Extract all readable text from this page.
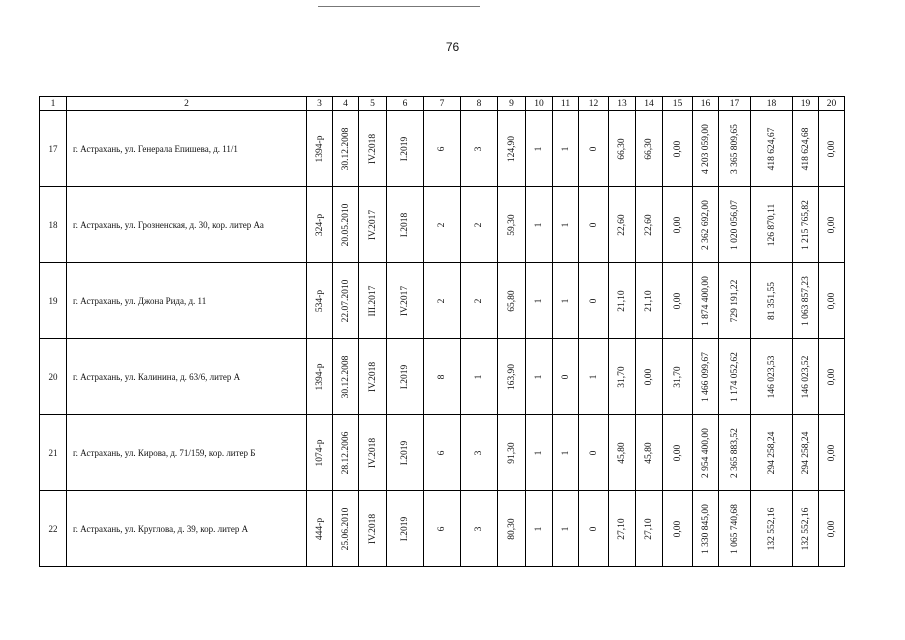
76
1	2	3	4	5	6	7	8	9	10	11	12	13	14	15	16	17	18	19	20
17	г. Астрахань, ул. Генерала Епишева, д. 11/1	1394-р	30.12.2008	IV.2018	I.2019	6	3	124,90	1	1	0	66,30	66,30	0,00	4 203 059,00	3 365 809,65	418 624,67	418 624,68	0,00

18	г. Астрахань, ул. Грозненская, д. 30, кор. литер Аа	324-р	20.05.2010	IV.2017	I.2018	2	2	59,30	1	1	0	22,60	22,60	0,00	2 362 692,00	1 020 056,07	126 870,11	1 215 765,82	0,00

19	г. Астрахань, ул. Джона Рида, д. 11	534-р	22.07.2010	III.2017	IV.2017	2	2	65,80	1	1	0	21,10	21,10	0,00	1 874 400,00	729 191,22	81 351,55	1 063 857,23	0,00

20	г. Астрахань, ул. Калинина, д. 63/6, литер А	1394-р	30.12.2008	IV.2018	I.2019	8	1	163,90	1	0	1	31,70	0,00	31,70	1 466 099,67	1 174 052,62	146 023,53	146 023,52	0,00

21	г. Астрахань, ул. Кирова, д. 71/159, кор. литер Б	1074-р	28.12.2006	IV.2018	I.2019	6	3	91,30	1	1	0	45,80	45,80	0,00	2 954 400,00	2 365 883,52	294 258,24	294 258,24	0,00

22	г. Астрахань, ул. Круглова, д. 39, кор. литер А	444-р	25.06.2010	IV.2018	I.2019	6	3	80,30	1	1	0	27,10	27,10	0,00	1 330 845,00	1 065 740,68	132 552,16	132 552,16	0,00
